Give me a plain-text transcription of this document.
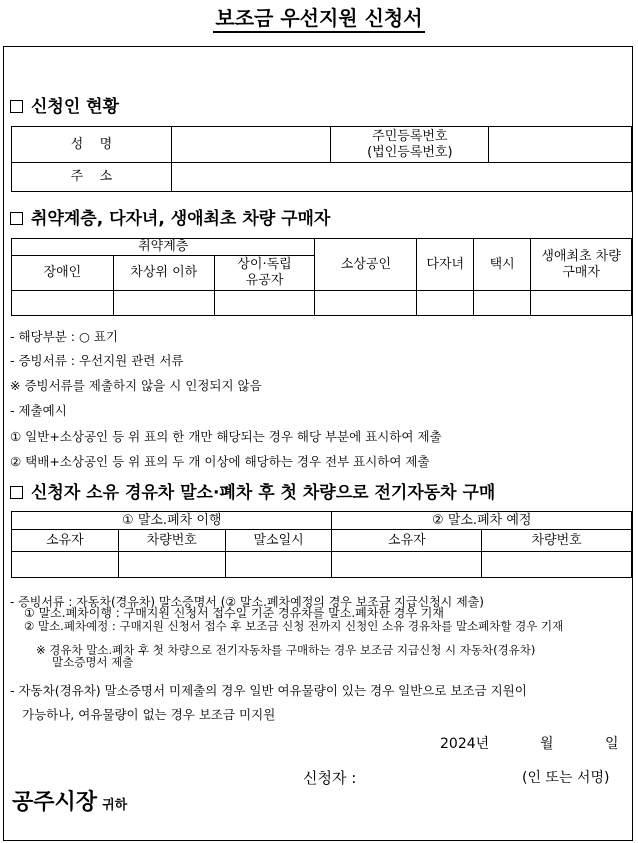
보조금 우선지원 신청서
신청인 현황
성    명		주민등록번호
(법인등록번호)	

주    소			
취약계층, 다자녀, 생애최초 차량 구매자
취약계층			소상공인	다자녀	택시	생애최초 차량
구매자

장애인	차상위 이하	상이·독립
유공자				

- 해당부분 : ○ 표기
- 증빙서류 : 우선지원 관련 서류
※ 증빙서류를 제출하지 않을 시 인정되지 않음
- 제출예시
① 일반+소상공인 등 위 표의 한 개만 해당되는 경우 해당 부분에 표시하여 제출
② 택배+소상공인 등 위 표의 두 개 이상에 해당하는 경우 전부 표시하여 제출
신청자 소유 경유차 말소·폐차 후 첫 차량으로 전기자동차 구매
① 말소.폐차 이행			② 말소.폐차 예정	
소유자	차량번호	말소일시	소유자	차량번호

- 증빙서류 : 자동차(경유차) 말소증명서 (② 말소.폐차예정의 경우 보조금 지급신청시 제출)
① 말소.폐차이행 : 구매지원 신청서 접수일 기준 경유차를 말소.폐차한 경우 기재
② 말소.폐차예정 : 구매지원 신청서 접수 후 보조금 신청 전까지 신청인 소유 경유차를 말소폐차할 경우 기재
※ 경유차 말소.폐차 후 첫 차량으로 전기자동차를 구매하는 경우 보조금 지급신청 시 자동차(경유차)
말소증명서 제출
- 자동차(경유차) 말소증명서 미제출의 경우 일반 여유물량이 있는 경우 일반으로 보조금 지원이
가능하나, 여유물량이 없는 경우 보조금 미지원
2024년	월	일
신청자 :	(인 또는 서명)
공주시장 귀하
